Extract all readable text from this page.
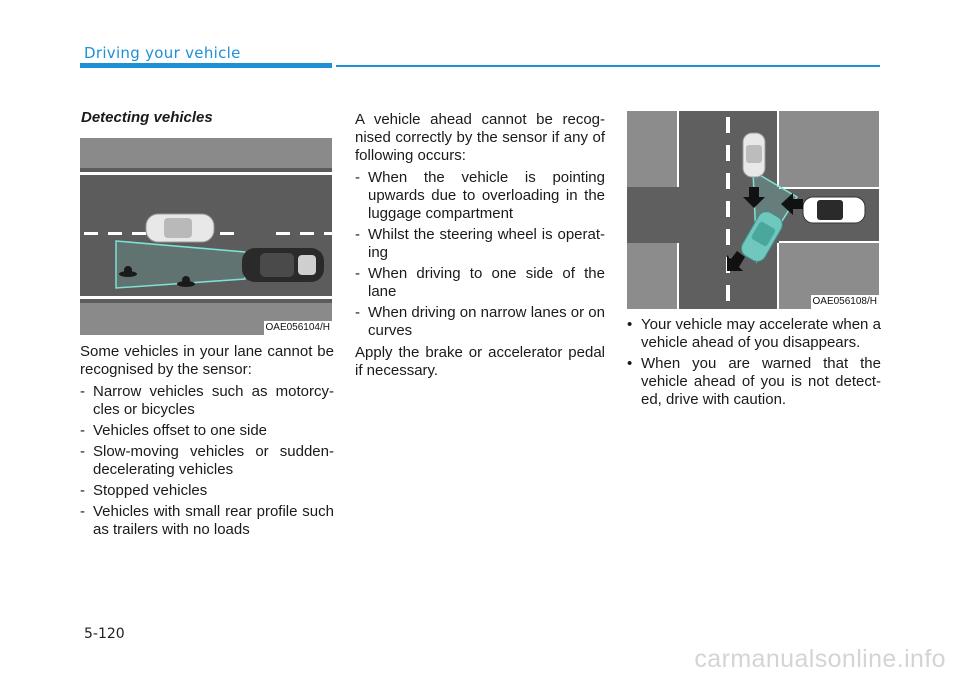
Driving your vehicle
Detecting vehicles
OAE056104/H

Some vehicles in your lane cannot be recognised by the sensor:

- Narrow vehicles such as motorcy-cles or bicycles
- Vehicles offset to one side
- Slow-moving vehicles or sudden-decelerating vehicles
- Stopped vehicles
- Vehicles with small rear profile such as trailers with no loads

A vehicle ahead cannot be recog-nised correctly by the sensor if any of following occurs:

- When the vehicle is pointing upwards due to overloading in the luggage compartment
- Whilst the steering wheel is operat-ing
- When driving to one side of the lane
- When driving on narrow lanes or on curves

Apply the brake or accelerator pedal if necessary.

OAE056108/H
• Your vehicle may accelerate when a vehicle ahead of you disappears.
• When you are warned that the vehicle ahead of you is not detect-ed, drive with caution.
5-120
carmanualsonline.info
